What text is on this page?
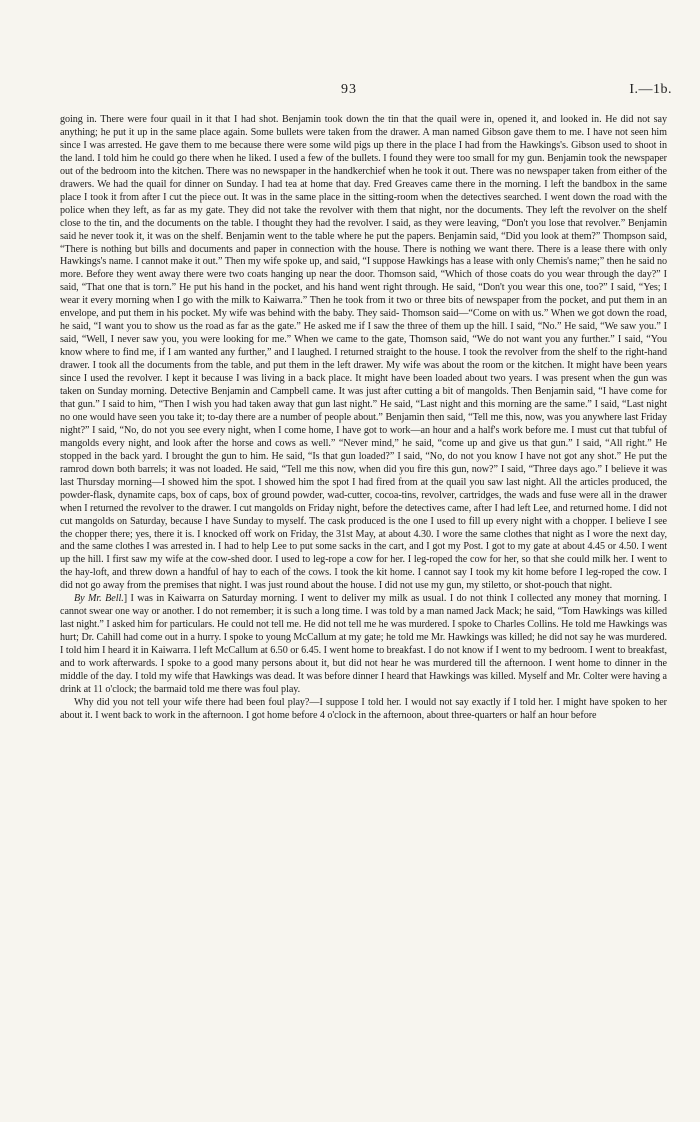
93	I.—1b.

going in. There were four quail in it that I had shot. Benjamin took down the tin that the quail were in, opened it, and looked in. He did not say anything; he put it up in the same place again. Some bullets were taken from the drawer. A man named Gibson gave them to me. I have not seen him since I was arrested. He gave them to me because there were some wild pigs up there in the place I had from the Hawkings's. Gibson used to shoot in the land. I told him he could go there when he liked. I used a few of the bullets. I found they were too small for my gun. Benjamin took the newspaper out of the bedroom into the kitchen. There was no newspaper in the handkerchief when he took it out. There was no newspaper taken from either of the drawers. We had the quail for dinner on Sunday. I had tea at home that day. Fred Greaves came there in the morning. I left the bandbox in the same place I took it from after I cut the piece out. It was in the same place in the sitting-room when the detectives searched. I went down the road with the police when they left, as far as my gate. They did not take the revolver with them that night, nor the documents. They left the revolver on the shelf close to the tin, and the documents on the table. I thought they had the revolver. I said, as they were leaving, “Don't you lose that revolver.” Benjamin said he never took it, it was on the shelf. Benjamin went to the table where he put the papers. Benjamin said, “Did you look at them?” Thompson said, “There is nothing but bills and documents and paper in connection with the house. There is nothing we want there. There is a lease there with only Hawkings's name. I cannot make it out.” Then my wife spoke up, and said, “I suppose Hawkings has a lease with only Chemis's name;” then he said no more. Before they went away there were two coats hanging up near the door. Thomson said, “Which of those coats do you wear through the day?” I said, “That one that is torn.” He put his hand in the pocket, and his hand went right through. He said, “Don't you wear this one, too?” I said, “Yes; I wear it every morning when I go with the milk to Kaiwarra.” Then he took from it two or three bits of newspaper from the pocket, and put them in an envelope, and put them in his pocket. My wife was behind with the baby. They said- Thomson said—“Come on with us.” When we got down the road, he said, “I want you to show us the road as far as the gate.” He asked me if I saw the three of them up the hill. I said, “No.” He said, “We saw you.” I said, “Well, I never saw you, you were looking for me.” When we came to the gate, Thomson said, “We do not want you any further.” I said, “You know where to find me, if I am wanted any further,” and I laughed. I returned straight to the house. I took the revolver from the shelf to the right-hand drawer. I took all the documents from the table, and put them in the left drawer. My wife was about the room or the kitchen. It might have been years since I used the revolver. I kept it because I was living in a back place. It might have been loaded about two years. I was present when the gun was taken on Sunday morning. Detective Benjamin and Campbell came. It was just after cutting a bit of mangolds. Then Benjamin said, “I have come for that gun.” I said to him, “Then I wish you had taken away that gun last night.” He said, “Last night and this morning are the same.” I said, “Last night no one would have seen you take it; to-day there are a number of people about.” Benjamin then said, “Tell me this, now, was you anywhere last Friday night?” I said, “No, do not you see every night, when I come home, I have got to work—an hour and a half's work before me. I must cut that tubful of mangolds every night, and look after the horse and cows as well.” “Never mind,” he said, “come up and give us that gun.” I said, “All right.” He stopped in the back yard. I brought the gun to him. He said, “Is that gun loaded?” I said, “No, do not you know I have not got any shot.” He put the ramrod down both barrels; it was not loaded. He said, “Tell me this now, when did you fire this gun, now?” I said, “Three days ago.” I believe it was last Thursday morning—I showed him the spot. I showed him the spot I had fired from at the quail you saw last night. All the articles produced, the powder-flask, dynamite caps, box of caps, box of ground powder, wad-cutter, cocoa-tins, revolver, cartridges, the wads and fuse were all in the drawer when I returned the revolver to the drawer. I cut mangolds on Friday night, before the detectives came, after I had left Lee, and returned home. I did not cut mangolds on Saturday, because I have Sunday to myself. The cask produced is the one I used to fill up every night with a chopper. I believe I see the chopper there; yes, there it is. I knocked off work on Friday, the 31st May, at about 4.30. I wore the same clothes that night as I wore the next day, and the same clothes I was arrested in. I had to help Lee to put some sacks in the cart, and I got my Post. I got to my gate at about 4.45 or 4.50. I went up the hill. I first saw my wife at the cow-shed door. I used to leg-rope a cow for her. I leg-roped the cow for her, so that she could milk her. I went to the hay-loft, and threw down a handful of hay to each of the cows. I took the kit home. I cannot say I took my kit home before I leg-roped the cow. I did not go away from the premises that night. I was just round about the house. I did not use my gun, my stiletto, or shot-pouch that night.

By Mr. Bell.] I was in Kaiwarra on Saturday morning. I went to deliver my milk as usual. I do not think I collected any money that morning. I cannot swear one way or another. I do not remember; it is such a long time. I was told by a man named Jack Mack; he said, “Tom Hawkings was killed last night.” I asked him for particulars. He could not tell me. He did not tell me he was murdered. I spoke to Charles Collins. He told me Hawkings was hurt; Dr. Cahill had come out in a hurry. I spoke to young McCallum at my gate; he told me Mr. Hawkings was killed; he did not say he was murdered. I told him I heard it in Kaiwarra. I left McCallum at 6.50 or 6.45. I went home to breakfast. I do not know if I went to my bedroom. I went to breakfast, and to work afterwards. I spoke to a good many persons about it, but did not hear he was murdered till the afternoon. I went home to dinner in the middle of the day. I told my wife that Hawkings was dead. It was before dinner I heard that Hawkings was killed. Myself and Mr. Colter were having a drink at 11 o'clock; the barmaid told me there was foul play.

Why did you not tell your wife there had been foul play?—I suppose I told her. I would not say exactly if I told her. I might have spoken to her about it. I went back to work in the afternoon. I got home before 4 o'clock in the afternoon, about three-quarters or half an hour before
